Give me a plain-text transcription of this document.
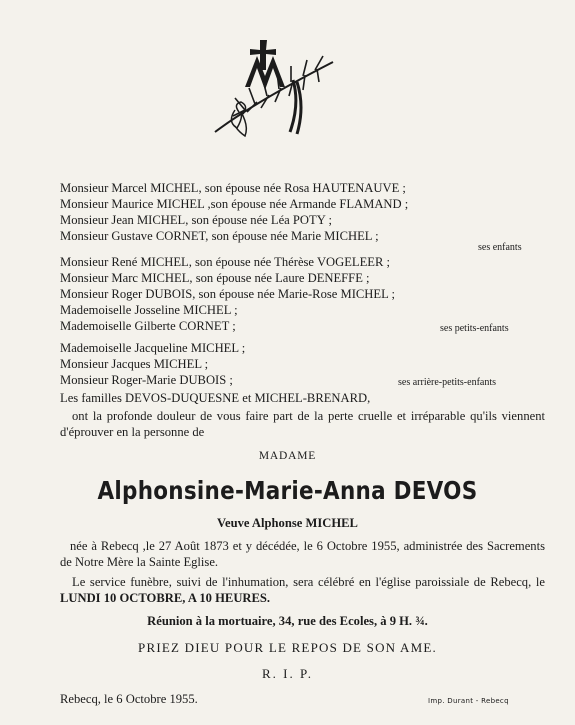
Monsieur Marcel MICHEL, son épouse née Rosa HAUTENAUVE ;
Monsieur Maurice MICHEL ,son épouse née Armande FLAMAND ;
Monsieur Jean MICHEL, son épouse née Léa POTY ;
Monsieur Gustave CORNET, son épouse née Marie MICHEL ;
ses enfants
Monsieur René MICHEL, son épouse née Thérèse VOGELEER ;
Monsieur Marc MICHEL, son épouse née Laure DENEFFE ;
Monsieur Roger DUBOIS, son épouse née Marie-Rose MICHEL ;
Mademoiselle Josseline MICHEL ;
Mademoiselle Gilberte CORNET ;	ses petits-enfants
Mademoiselle Jacqueline MICHEL ;
Monsieur Jacques MICHEL ;
Monsieur Roger-Marie DUBOIS ;	ses arrière-petits-enfants
Les familles DEVOS-DUQUESNE et MICHEL-BRENARD,
ont la profonde douleur de vous faire part de la perte cruelle et irréparable qu'ils viennent d'éprouver en la personne de
MADAME
Alphonsine-Marie-Anna DEVOS
Veuve Alphonse MICHEL
née à Rebecq ,le 27 Août 1873 et y décédée, le 6 Octobre 1955, administrée des Sacrements de Notre Mère la Sainte Eglise.
Le service funèbre, suivi de l'inhumation, sera célébré en l'église paroissiale de Rebecq, le LUNDI 10 OCTOBRE, A 10 HEURES.
Réunion à la mortuaire, 34, rue des Ecoles, à 9 H. ¾.
PRIEZ DIEU POUR LE REPOS DE SON AME.
R. I. P.
Rebecq, le 6 Octobre 1955.	Imp. Durant - Rebecq
